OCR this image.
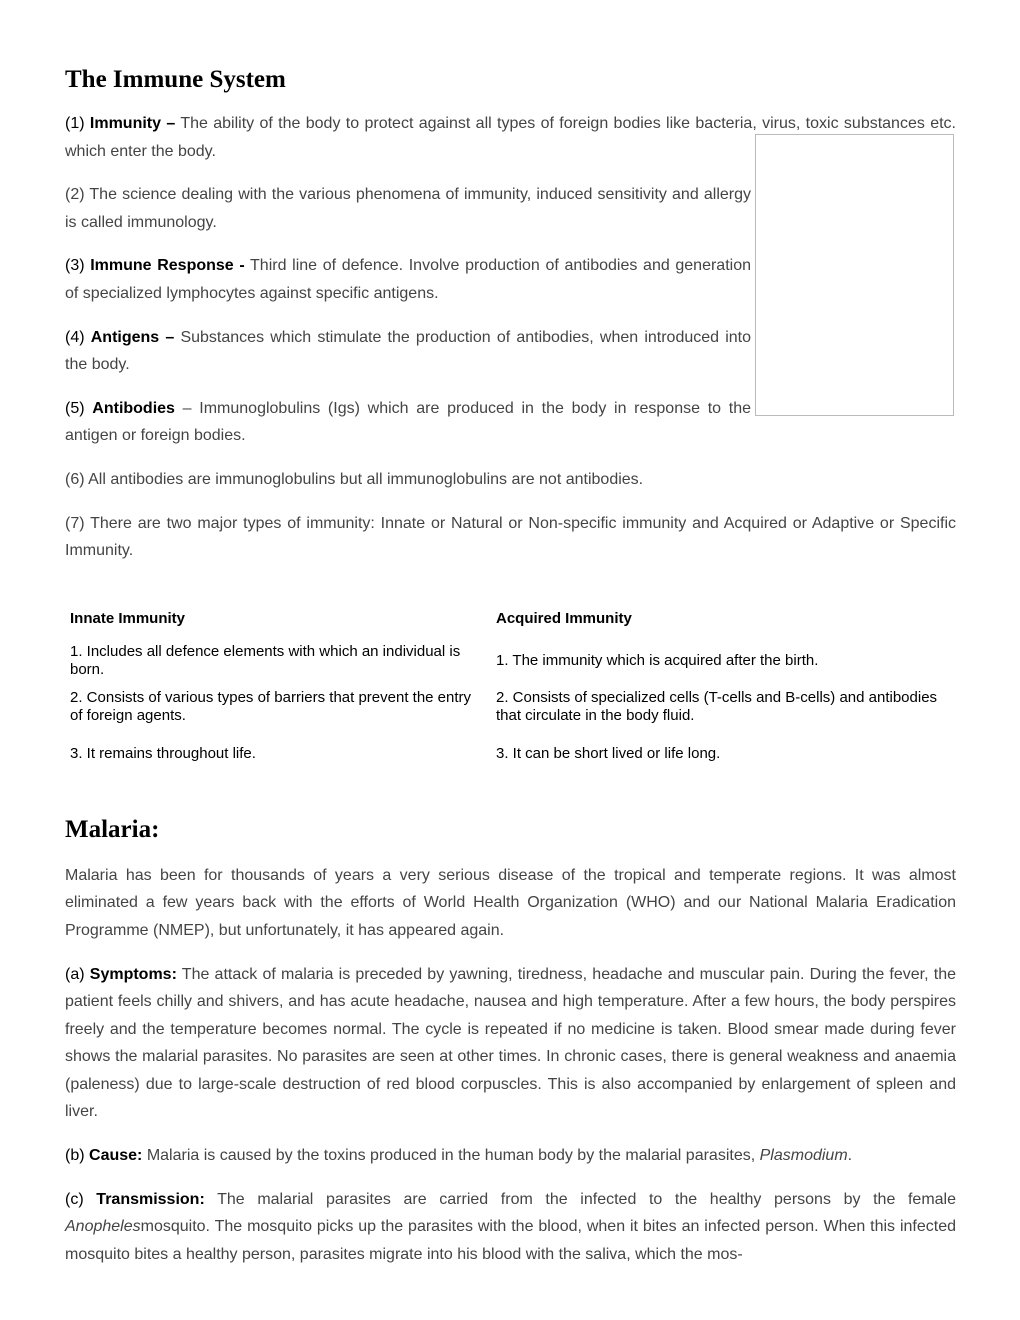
The Immune System

(1) Immunity – The ability of the body to protect against all types of foreign bodies like bacteria, virus, toxic substances etc. which enter the body.

(2) The science dealing with the various phenomena of immunity, induced sensitivity and allergy is called immunology.

(3) Immune Response - Third line of defence. Involve production of antibodies and generation of specialized lymphocytes against specific antigens.

(4) Antigens – Substances which stimulate the production of antibodies, when introduced into the body.

(5) Antibodies – Immunoglobulins (Igs) which are produced in the body in response to the antigen or foreign bodies.

(6) All antibodies are immunoglobulins but all immunoglobulins are not antibodies.

(7) There are two major types of immunity: Innate or Natural or Non-specific immunity and Acquired or Adaptive or Specific Immunity.

Innate Immunity	Acquired Immunity
1. Includes all defence elements with which an individual is born.	1. The immunity which is acquired after the birth.
2. Consists of various types of barriers that prevent the entry of foreign agents.	2. Consists of specialized cells (T-cells and B-cells) and antibodies that circulate in the body fluid.
3. It remains throughout life.	3. It can be short lived or life long.
Malaria:

Malaria has been for thousands of years a very serious disease of the tropical and temperate regions. It was almost eliminated a few years back with the efforts of World Health Organization (WHO) and our National Malaria Eradication Programme (NMEP), but unfortunately, it has appeared again.

(a) Symptoms: The attack of malaria is preceded by yawning, tiredness, headache and muscular pain. During the fever, the patient feels chilly and shivers, and has acute headache, nausea and high temperature. After a few hours, the body perspires freely and the temperature becomes normal. The cycle is repeated if no medicine is taken. Blood smear made during fever shows the malarial parasites. No parasites are seen at other times. In chronic cases, there is general weakness and anaemia (paleness) due to large-scale destruction of red blood corpuscles. This is also accompanied by enlargement of spleen and liver.

(b) Cause: Malaria is caused by the toxins produced in the human body by the malarial parasites, Plasmodium.

(c) Transmission: The malarial parasites are carried from the infected to the healthy persons by the female Anophelesmosquito. The mosquito picks up the parasites with the blood, when it bites an infected person. When this infected mosquito bites a healthy person, parasites migrate into his blood with the saliva, which the mos-
